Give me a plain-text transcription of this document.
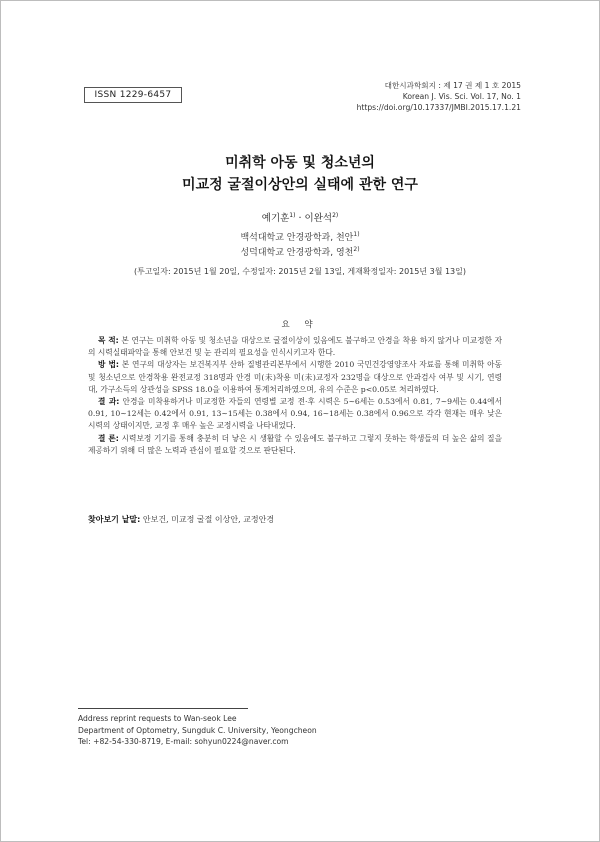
ISSN 1229-6457
대한시과학회지 : 제 17 권 제 1 호 2015
Korean J. Vis. Sci. Vol. 17, No. 1
https://doi.org/10.17337/JMBI.2015.17.1.21
미취학 아동 및 청소년의
미교정 굴절이상안의 실태에 관한 연구
예기훈$^{1)}$ · 이완석$^{2)}$
백석대학교 안경광학과, 천안$^{1)}$
성덕대학교 안경광학과, 영천$^{2)}$
(투고일자: 2015년 1월 20일, 수정일자: 2015년 2월 13일, 게재확정일자: 2015년 3월 13일)
요 약

목 적: 본 연구는 미취학 아동 및 청소년을 대상으로 굴절이상이 있음에도 불구하고 안경을 착용 하지 않거나 미교정한 자의 시력실태파악을 통해 안보건 및 눈 관리의 필요성을 인식시키고자 한다.

방 법: 본 연구의 대상자는 보건복지부 산하 질병관리본부에서 시행한 2010 국민건강영양조사 자료를 통해 미취학 아동 및 청소년으로 안경착용 완전교정 318명과 안경 미(未)착용 미(未)교정자 232명을 대상으로 안과검사 여부 및 시기, 연령대, 가구소득의 상관성을 SPSS 18.0을 이용하여 통계처리하였으며, 유의 수준은 p<0.05로 처리하였다.

결 과: 안경을 미착용하거나 미교정한 자들의 연령별 교정 전·후 시력은 5~6세는 0.53에서 0.81, 7~9세는 0.44에서 0.91, 10~12세는 0.42에서 0.91, 13~15세는 0.38에서 0.94, 16~18세는 0.38에서 0.96으로 각각 현재는 매우 낮은 시력의 상태이지만, 교정 후 매우 높은 교정시력을 나타내었다.

결 론: 시력보정 기기를 통해 충분히 더 낳은 시 생활할 수 있음에도 불구하고 그렇지 못하는 학생들의 더 높은 삶의 질을 제공하기 위해 더 많은 노력과 관심이 필요할 것으로 판단된다.

찾아보기 낱말: 안보건, 미교정 굴절 이상안, 교정안경
Address reprint requests to Wan-seok Lee
Department of Optometry, Sungduk C. University, Yeongcheon
Tel: +82-54-330-8719, E-mail: sohyun0224@naver.com
